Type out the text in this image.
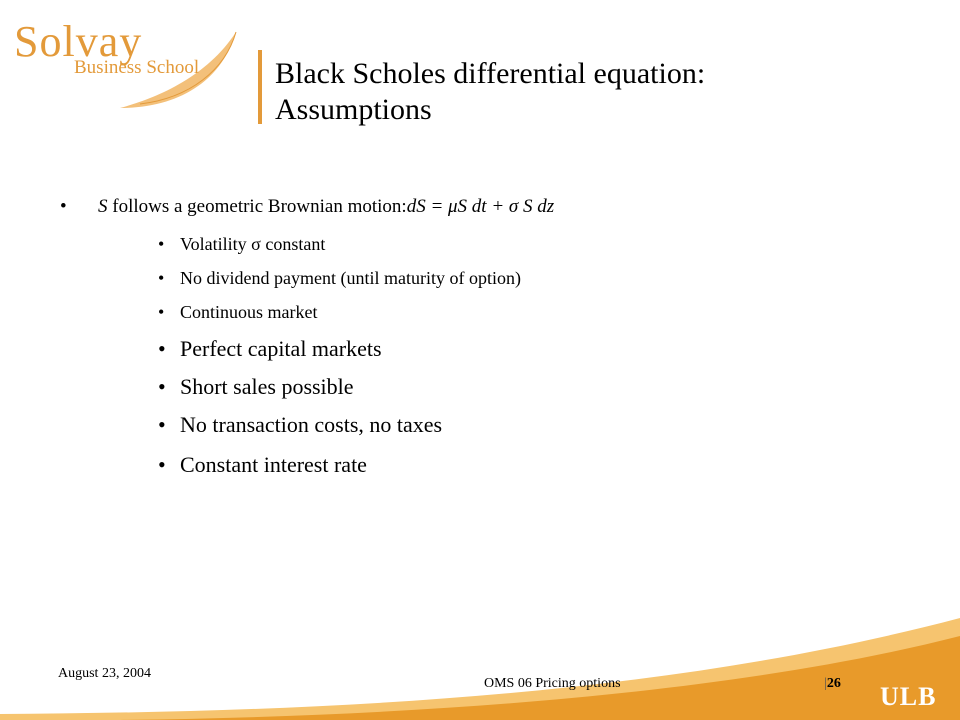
Solvay
Business School	Black Scholes differential equation:
Assumptions
• S follows a geometric Brownian motion:dS = μS dt + σ S dz
• Volatility σ constant
• No dividend payment (until maturity of option)
• Continuous market
• Perfect capital markets
• Short sales possible
• No transaction costs, no taxes
• Constant interest rate
August 23, 2004
OMS 06 Pricing options	|26 ULB
